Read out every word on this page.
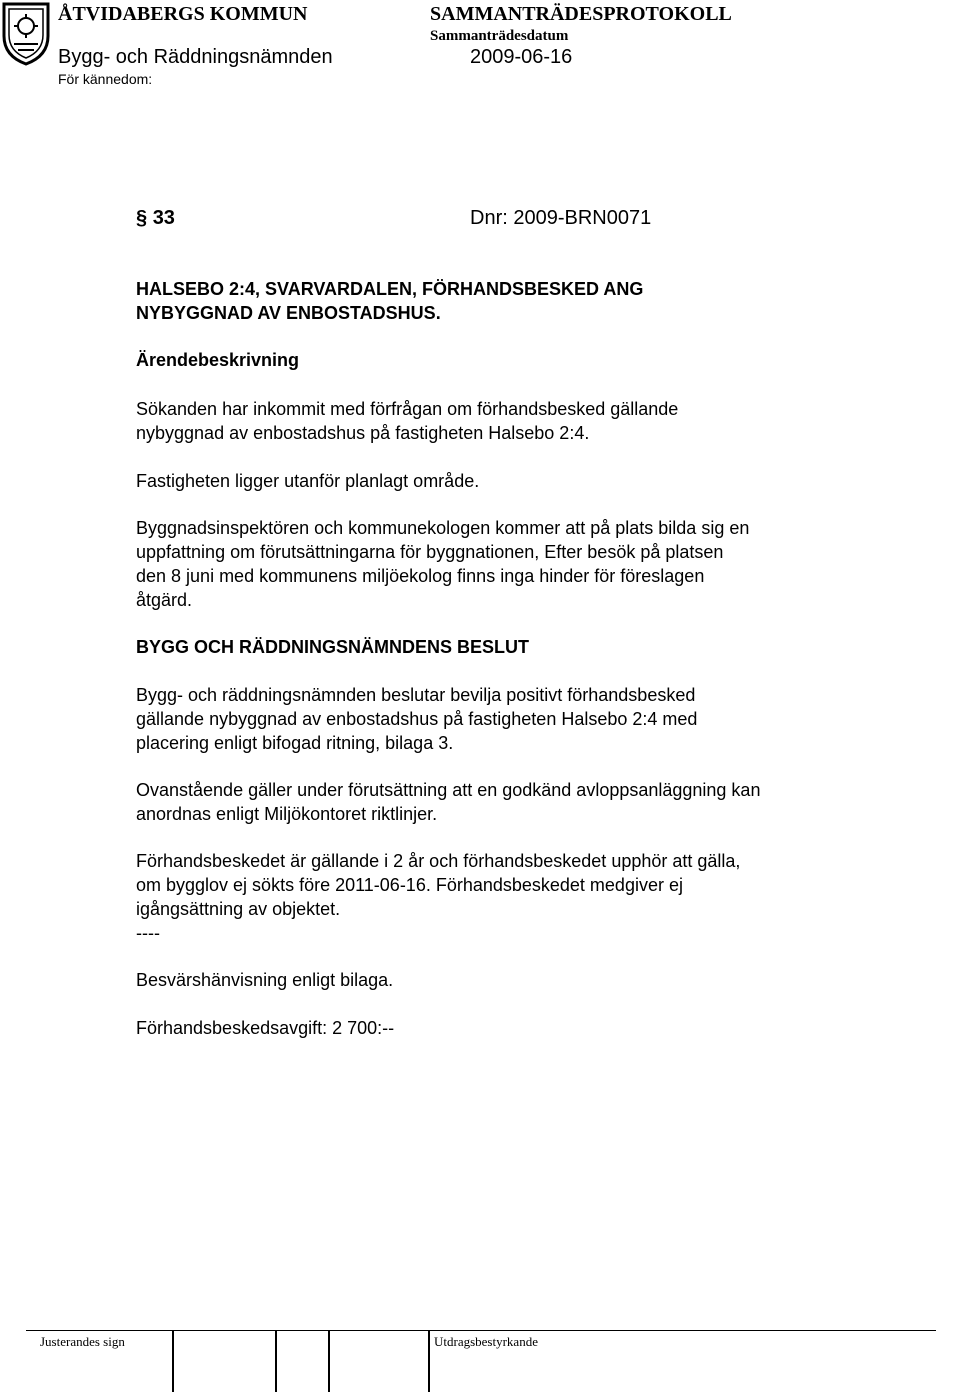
ÅTVIDABERGS KOMMUN	SAMMANTRÄDESPROTOKOLL
Sammanträdesdatum
Bygg- och Räddningsnämnden	2009-06-16
För kännedom:
§ 33	Dnr: 2009-BRN0071
HALSEBO 2:4, SVARVARDALEN, FÖRHANDSBESKED ANG
NYBYGGNAD AV ENBOSTADSHUS.
Ärendebeskrivning
Sökanden har inkommit med förfrågan om förhandsbesked gällande
nybyggnad av enbostadshus på fastigheten Halsebo 2:4.
Fastigheten ligger utanför planlagt område.
Byggnadsinspektören och kommunekologen kommer att på plats bilda sig en
uppfattning om förutsättningarna för byggnationen, Efter besök på platsen
den 8 juni med kommunens miljöekolog finns inga hinder för föreslagen
åtgärd.
BYGG OCH RÄDDNINGSNÄMNDENS BESLUT
Bygg- och räddningsnämnden beslutar bevilja positivt förhandsbesked
gällande nybyggnad av enbostadshus på fastigheten Halsebo 2:4 med
placering enligt bifogad ritning, bilaga 3.
Ovanstående gäller under förutsättning att en godkänd avloppsanläggning kan
anordnas enligt Miljökontoret riktlinjer.
Förhandsbeskedet är gällande i 2 år och förhandsbeskedet upphör att gälla,
om bygglov ej sökts före 2011-06-16. Förhandsbeskedet medgiver ej
igångsättning av objektet.
----
Besvärshänvisning enligt bilaga.
Förhandsbeskedsavgift: 2 700:--
Justerandes sign	Utdragsbestyrkande
